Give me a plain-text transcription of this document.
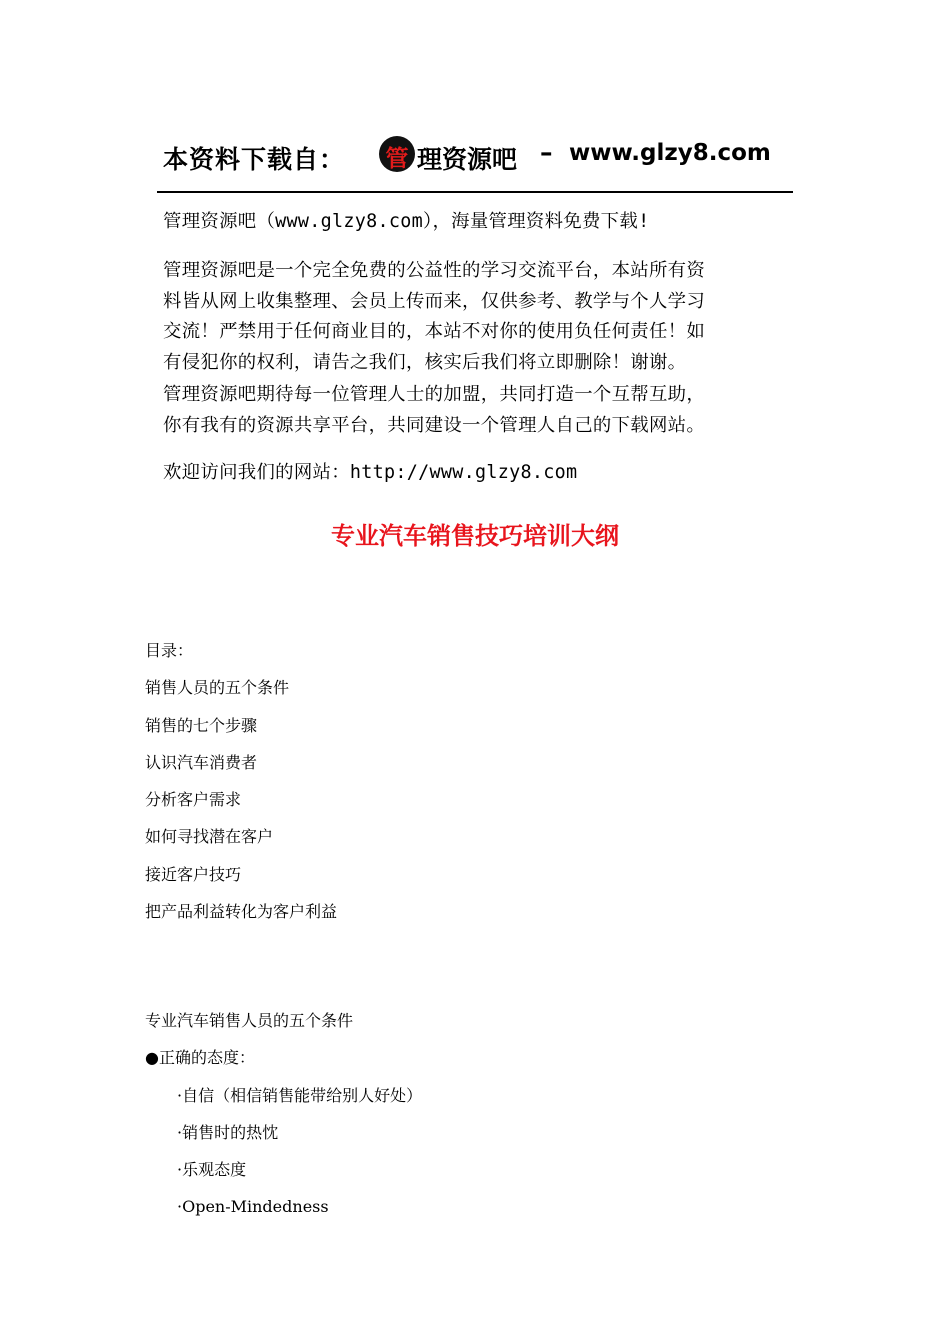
本资料下载自： 管 理资源吧 – www.glzy8.com

管理资源吧（www.glzy8.com），海量管理资料免费下载!

管理资源吧是一个完全免费的公益性的学习交流平台，本站所有资

料皆从网上收集整理、会员上传而来，仅供参考、教学与个人学习

交流！严禁用于任何商业目的，本站不对你的使用负任何责任！如

有侵犯你的权利，请告之我们，核实后我们将立即删除！谢谢。

管理资源吧期待每一位管理人士的加盟，共同打造一个互帮互助，

你有我有的资源共享平台，共同建设一个管理人自己的下载网站。

欢迎访问我们的网站：http://www.glzy8.com

专业汽车销售技巧培训大纲
目录：
销售人员的五个条件
销售的七个步骤
认识汽车消费者
分析客户需求
如何寻找潜在客户
接近客户技巧
把产品利益转化为客户利益
专业汽车销售人员的五个条件
●正确的态度：
·自信（相信销售能带给别人好处）
·销售时的热忱
·乐观态度
·Open-Mindedness
